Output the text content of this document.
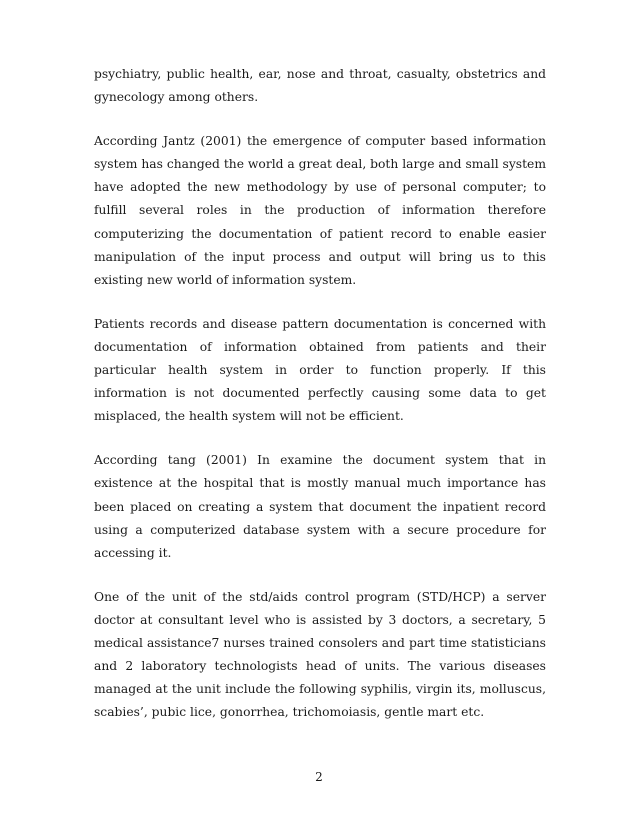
psychiatry, public health, ear, nose and throat, casualty, obstetrics and gynecology among others.

According Jantz (2001) the emergence of computer based information system has changed the world a great deal, both large and small system have adopted the new methodology by use of personal computer; to fulfill several roles in the production of information therefore computerizing the documentation of patient record to enable easier manipulation of the input process and output will bring us to this existing new world of information system.

Patients records and disease pattern documentation is concerned with documentation of information obtained from patients and their particular health system in order to function properly. If this information is not documented perfectly causing some data to get misplaced, the health system will not be efficient.

According tang (2001) In examine the document system that in existence at the hospital that is mostly manual much importance has been placed on creating a system that document the inpatient record using a computerized database system with a secure procedure for accessing it.

One of the unit of the std/aids control program (STD/HCP) a server doctor at consultant level who is assisted by 3 doctors, a secretary, 5 medical assistance7 nurses trained consolers and part time statisticians and 2 laboratory technologists head of units. The various diseases managed at the unit include the following syphilis, virgin its, molluscus, scabies’, pubic lice, gonorrhea, trichomoiasis, gentle mart etc.

2
